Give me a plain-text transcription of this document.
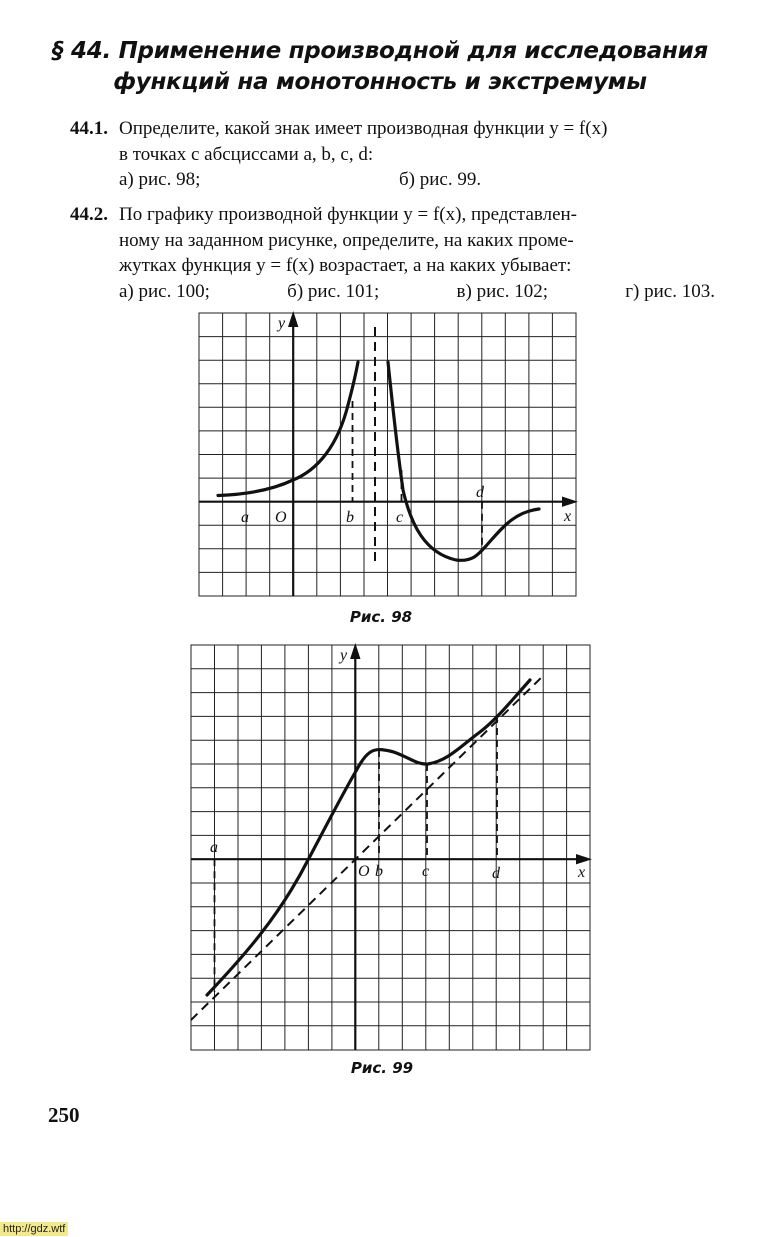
§ 44. Применение производной для исследования
функций на монотонность и экстремумы
44.1. Определите, какой знак имеет производная функции y = f(x)
в точках с абсциссами a, b, c, d:
а) рис. 98;	б) рис. 99.
44.2. По графику производной функции y = f(x), представлен-
ному на заданном рисунке, определите, на каких проме-
жутках функция y = f(x) возрастает, а на каких убывает:
а) рис. 100;	б) рис. 101;	в) рис. 102;	г) рис. 103.
y
x
O
a	b	c
d
Рис. 98
y
x
O
a
b c	d
Рис. 99
250
http://gdz.wtf
